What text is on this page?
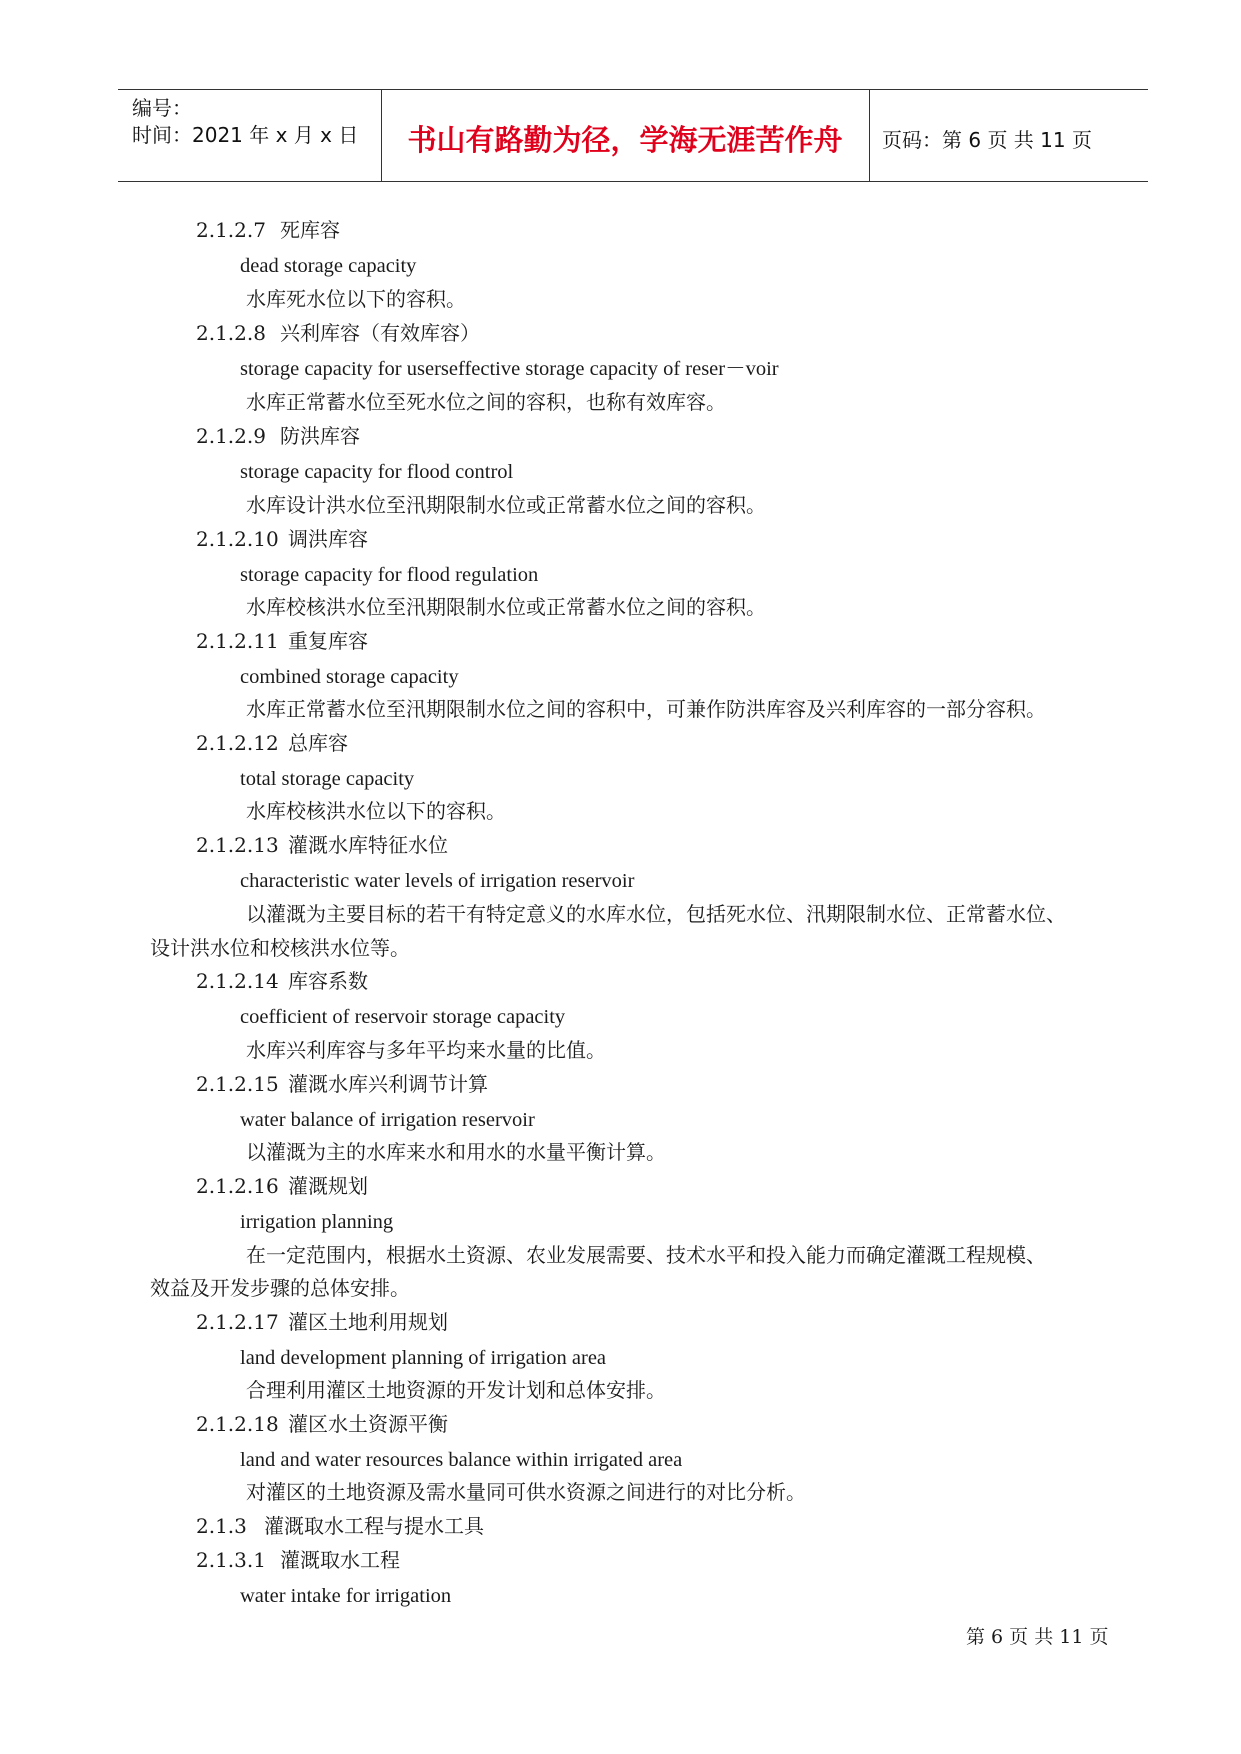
编号：
时间：2021 年 x 月 x 日	书山有路勤为径，学海无涯苦作舟	页码：第 6 页 共 11 页
2.1.2.7 死库容
dead storage capacity
水库死水位以下的容积。
2.1.2.8 兴利库容（有效库容）
storage capacity for userseffective storage capacity of reser－voir
水库正常蓄水位至死水位之间的容积，也称有效库容。
2.1.2.9 防洪库容
storage capacity for flood control
水库设计洪水位至汛期限制水位或正常蓄水位之间的容积。
2.1.2.10 调洪库容
storage capacity for flood regulation
水库校核洪水位至汛期限制水位或正常蓄水位之间的容积。
2.1.2.11 重复库容
combined storage capacity
水库正常蓄水位至汛期限制水位之间的容积中，可兼作防洪库容及兴利库容的一部分容积。
2.1.2.12 总库容
total storage capacity
水库校核洪水位以下的容积。
2.1.2.13 灌溉水库特征水位
characteristic water levels of irrigation reservoir
以灌溉为主要目标的若干有特定意义的水库水位，包括死水位、汛期限制水位、正常蓄水位、
设计洪水位和校核洪水位等。
2.1.2.14 库容系数
coefficient of reservoir storage capacity
水库兴利库容与多年平均来水量的比值。
2.1.2.15 灌溉水库兴利调节计算
water balance of irrigation reservoir
以灌溉为主的水库来水和用水的水量平衡计算。
2.1.2.16 灌溉规划
irrigation planning
在一定范围内，根据水土资源、农业发展需要、技术水平和投入能力而确定灌溉工程规模、
效益及开发步骤的总体安排。
2.1.2.17 灌区土地利用规划
land development planning of irrigation area
合理利用灌区土地资源的开发计划和总体安排。
2.1.2.18 灌区水土资源平衡
land and water resources balance within irrigated area
对灌区的土地资源及需水量同可供水资源之间进行的对比分析。
2.1.3 灌溉取水工程与提水工具
2.1.3.1 灌溉取水工程
water intake for irrigation
第 6 页 共 11 页
